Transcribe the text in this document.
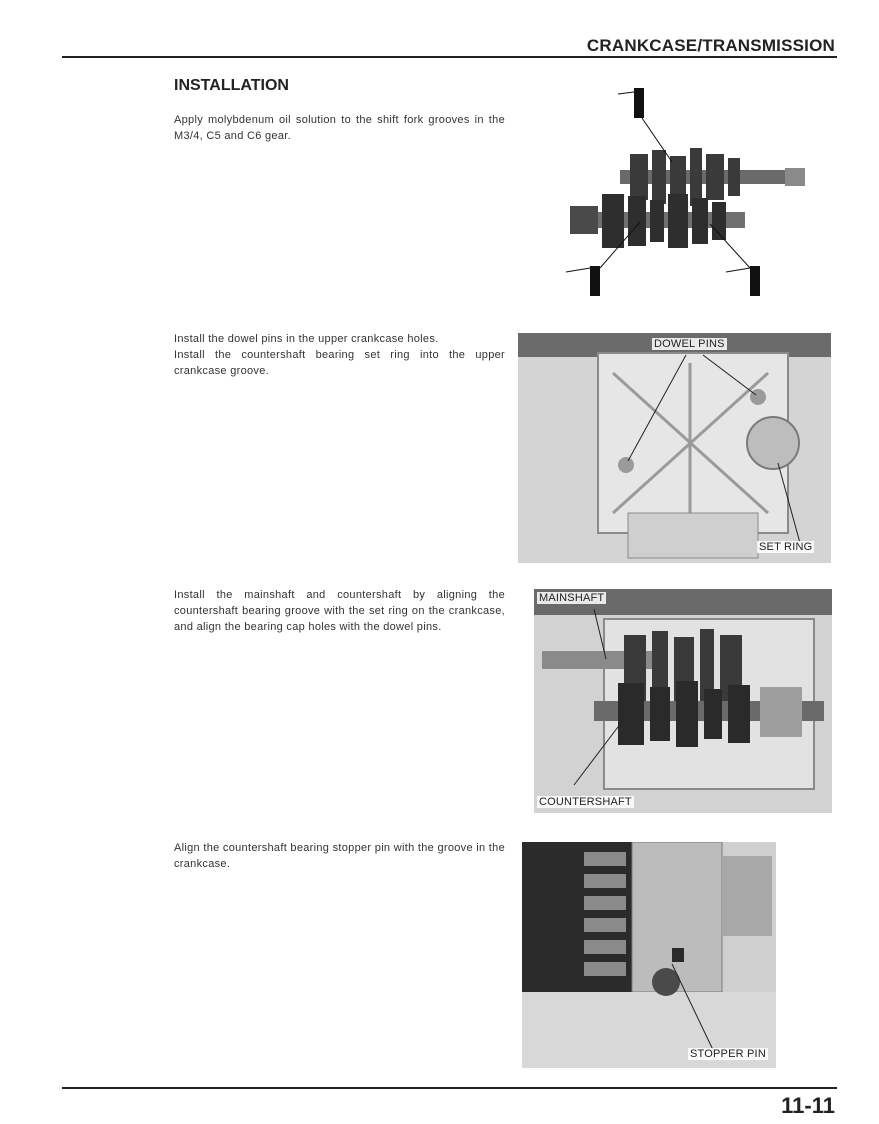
CRANKCASE/TRANSMISSION
INSTALLATION

Apply molybdenum oil solution to the shift fork grooves in the M3/4, C5 and C6 gear.

Install the dowel pins in the upper crankcase holes.

Install the countershaft bearing set ring into the upper crankcase groove.

DOWEL PINS
SET RING

Install the mainshaft and countershaft by aligning the countershaft bearing groove with the set ring on the crankcase, and align the bearing cap holes with the dowel pins.

MAINSHAFT
COUNTERSHAFT

Align the countershaft bearing stopper pin with the groove in the crankcase.

STOPPER PIN
11-11
